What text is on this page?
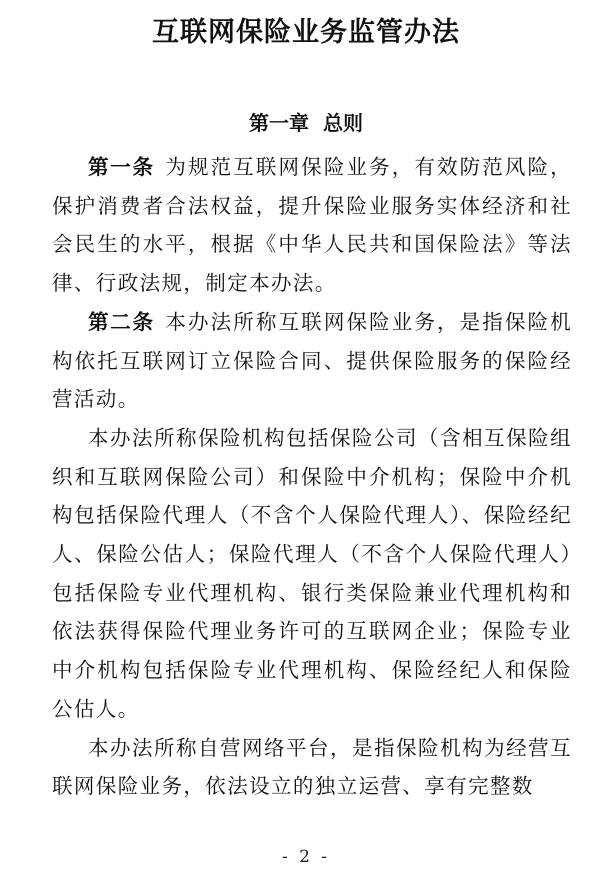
互联网保险业务监管办法
第一章 总则

第一条 为规范互联网保险业务，有效防范风险，保护消费者合法权益，提升保险业服务实体经济和社会民生的水平，根据《中华人民共和国保险法》等法律、行政法规，制定本办法。

第二条 本办法所称互联网保险业务，是指保险机构依托互联网订立保险合同、提供保险服务的保险经营活动。

本办法所称保险机构包括保险公司（含相互保险组织和互联网保险公司）和保险中介机构；保险中介机构包括保险代理人（不含个人保险代理人）、保险经纪人、保险公估人；保险代理人（不含个人保险代理人）包括保险专业代理机构、银行类保险兼业代理机构和依法获得保险代理业务许可的互联网企业；保险专业中介机构包括保险专业代理机构、保险经纪人和保险公估人。

本办法所称自营网络平台，是指保险机构为经营互联网保险业务，依法设立的独立运营、享有完整数

- 2 -
